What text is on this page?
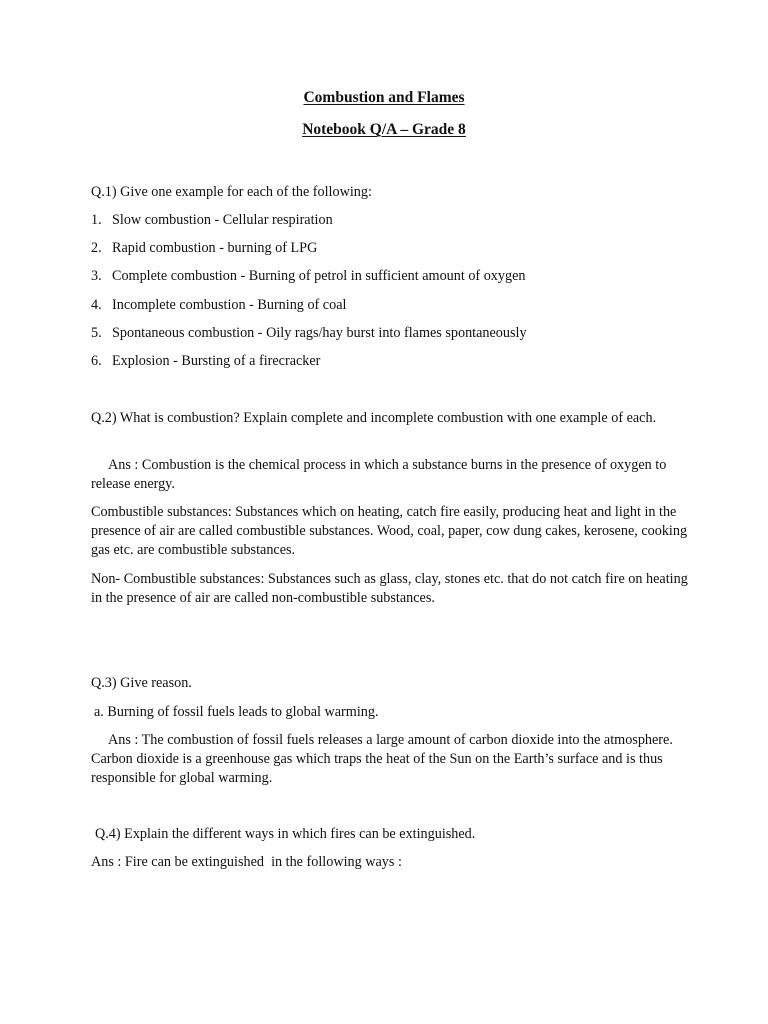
Combustion and Flames
Notebook Q/A – Grade 8
Q.1) Give one example for each of the following:
1. Slow combustion - Cellular respiration
2. Rapid combustion - burning of LPG
3. Complete combustion - Burning of petrol in sufficient amount of oxygen
4. Incomplete combustion - Burning of coal
5. Spontaneous combustion - Oily rags/hay burst into flames spontaneously
6. Explosion - Bursting of a firecracker
Q.2) What is combustion? Explain complete and incomplete combustion with one example of each.
Ans : Combustion is the chemical process in which a substance burns in the presence of oxygen to release energy.
Combustible substances: Substances which on heating, catch fire easily, producing heat and light in the presence of air are called combustible substances. Wood, coal, paper, cow dung cakes, kerosene, cooking gas etc. are combustible substances.
Non- Combustible substances: Substances such as glass, clay, stones etc. that do not catch fire on heating in the presence of air are called non-combustible substances.
Q.3) Give reason.
a. Burning of fossil fuels leads to global warming.
Ans : The combustion of fossil fuels releases a large amount of carbon dioxide into the atmosphere. Carbon dioxide is a greenhouse gas which traps the heat of the Sun on the Earth’s surface and is thus responsible for global warming.
Q.4) Explain the different ways in which fires can be extinguished.
Ans : Fire can be extinguished  in the following ways :
